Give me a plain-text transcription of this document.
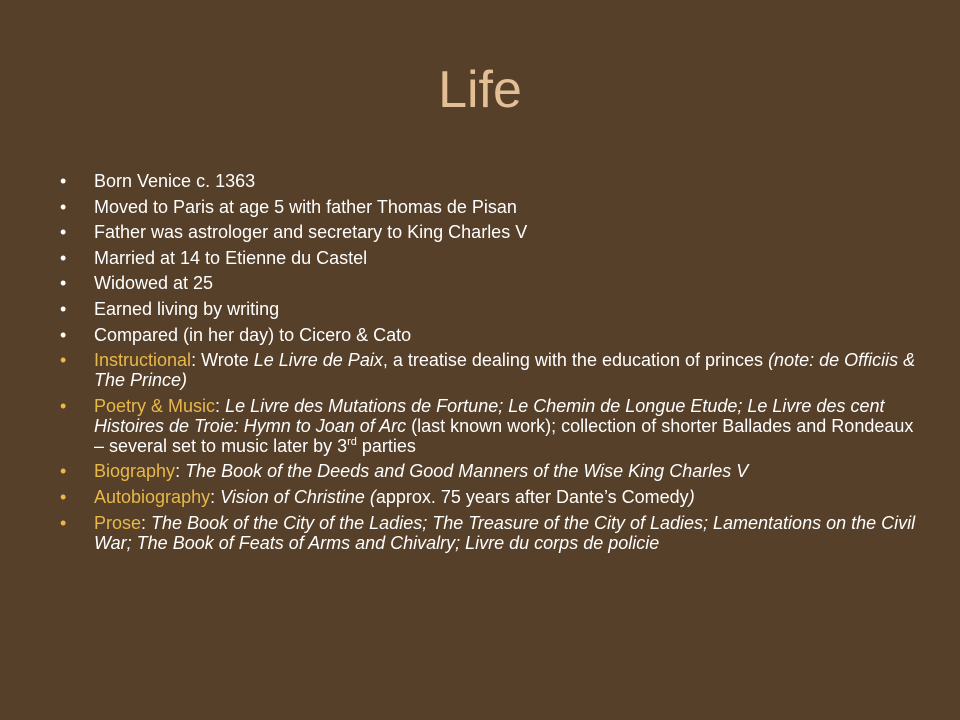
Life
•	Born Venice c. 1363
•	Moved to Paris at age 5 with father Thomas de Pisan
•	Father was astrologer and secretary to King Charles V
•	Married at 14 to Etienne du Castel
•	Widowed at 25
•	Earned living by writing
•	Compared (in her day) to Cicero & Cato
•	Instructional: Wrote Le Livre de Paix, a treatise dealing with the education of princes (note: de Officiis & The Prince)
•	Poetry & Music: Le Livre des Mutations de Fortune; Le Chemin de Longue Etude; Le Livre des cent Histoires de Troie: Hymn to Joan of Arc (last known work); collection of shorter Ballades and Rondeaux – several set to music later by 3rd parties
•	Biography: The Book of the Deeds and Good Manners of the Wise King Charles V
•	Autobiography: Vision of Christine (approx. 75 years after Dante’s Comedy)
•	Prose: The Book of the City of the Ladies; The Treasure of the City of Ladies; Lamentations on the Civil War; The Book of Feats of Arms and Chivalry; Livre du corps de policie
